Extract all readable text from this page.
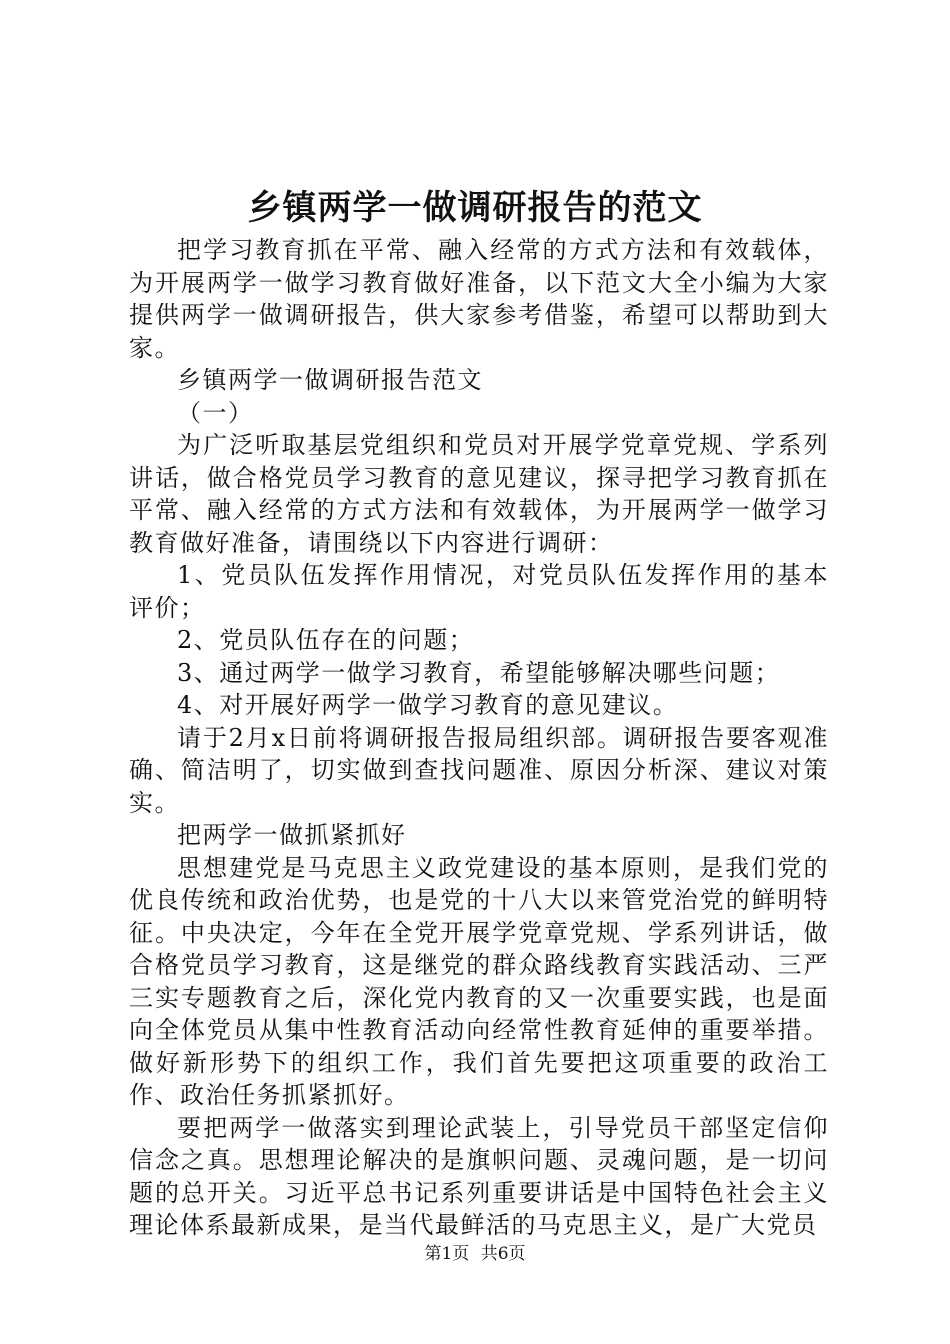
乡镇两学一做调研报告的范文

把学习教育抓在平常、融入经常的方式方法和有效载体，为开展两学一做学习教育做好准备，以下范文大全小编为大家提供两学一做调研报告，供大家参考借鉴，希望可以帮助到大家。

乡镇两学一做调研报告范文

（一）

为广泛听取基层党组织和党员对开展学党章党规、学系列讲话，做合格党员学习教育的意见建议，探寻把学习教育抓在平常、融入经常的方式方法和有效载体，为开展两学一做学习教育做好准备，请围绕以下内容进行调研：

1、党员队伍发挥作用情况，对党员队伍发挥作用的基本评价；

2、党员队伍存在的问题；

3、通过两学一做学习教育，希望能够解决哪些问题；

4、对开展好两学一做学习教育的意见建议。

请于2月x日前将调研报告报局组织部。调研报告要客观准确、简洁明了，切实做到查找问题准、原因分析深、建议对策实。

把两学一做抓紧抓好

思想建党是马克思主义政党建设的基本原则，是我们党的优良传统和政治优势，也是党的十八大以来管党治党的鲜明特征。中央决定，今年在全党开展学党章党规、学系列讲话，做合格党员学习教育，这是继党的群众路线教育实践活动、三严三实专题教育之后，深化党内教育的又一次重要实践，也是面向全体党员从集中性教育活动向经常性教育延伸的重要举措。做好新形势下的组织工作，我们首先要把这项重要的政治工作、政治任务抓紧抓好。

要把两学一做落实到理论武装上，引导党员干部坚定信仰信念之真。思想理论解决的是旗帜问题、灵魂问题，是一切问题的总开关。习近平总书记系列重要讲话是中国特色社会主义理论体系最新成果，是当代最鲜活的马克思主义，是广大党员

第1页 共6页
